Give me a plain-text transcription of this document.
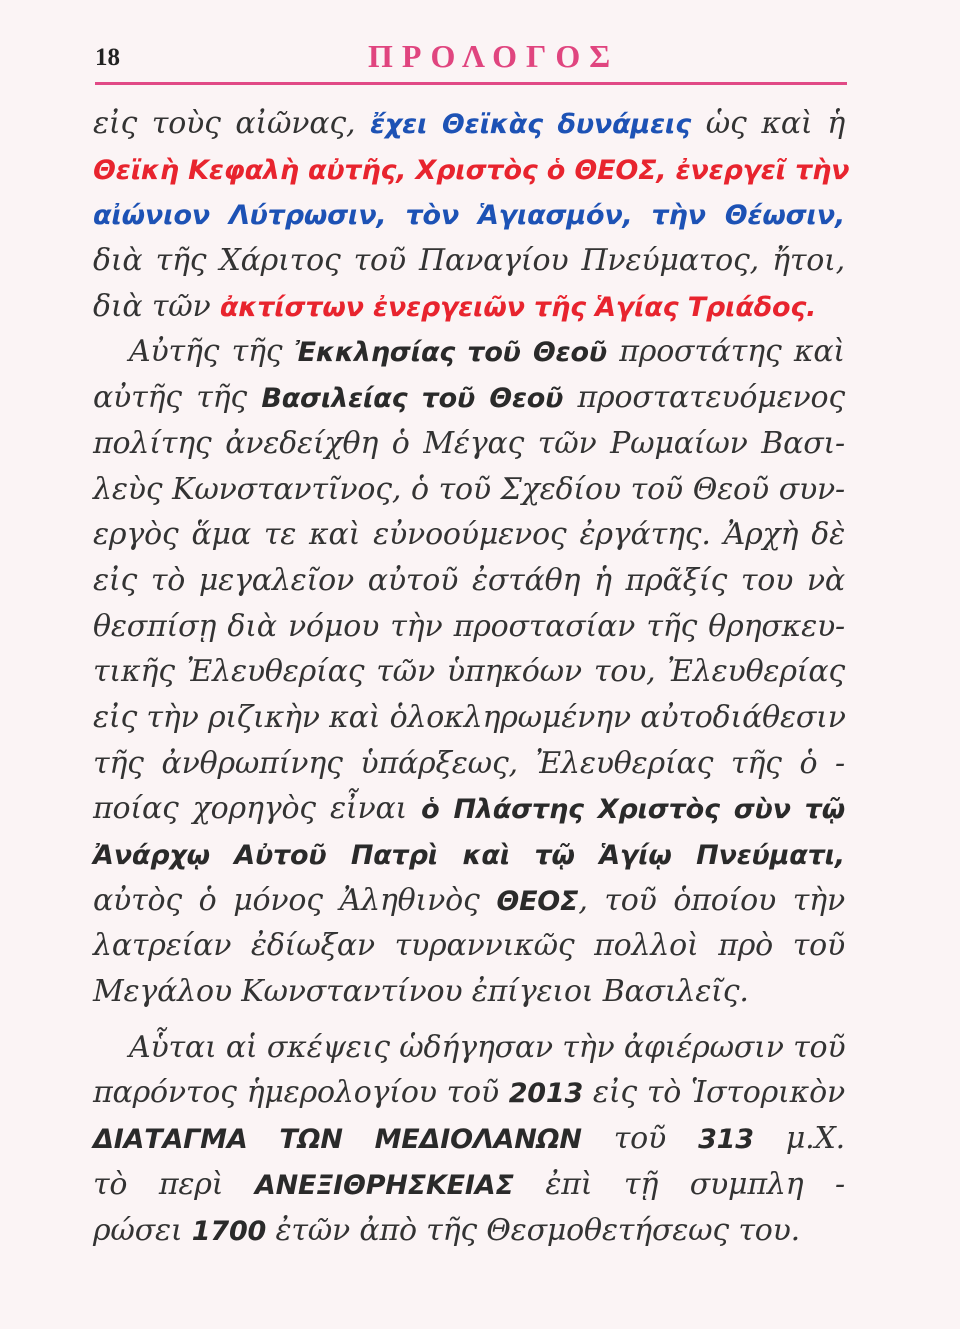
18	ΠΡΟΛΟΓΟΣ
εἰς τοὺς αἰῶνας, ἔχει Θεϊκὰς δυνάμεις ὡς καὶ ἡ
Θεϊκὴ Κεφαλὴ αὐτῆς, Χριστὸς ὁ ΘΕΟΣ, ἐνεργεῖ τὴν
αἰώνιον Λύτρωσιν, τὸν Ἁγιασμόν, τὴν Θέωσιν,
διὰ τῆς Χάριτος τοῦ Παναγίου Πνεύματος, ἤτοι,
διὰ τῶν ἀκτίστων ἐνεργειῶν τῆς Ἁγίας Τριάδος.
Αὐτῆς τῆς Ἐκκλησίας τοῦ Θεοῦ προστάτης καὶ
αὐτῆς τῆς Βασιλείας τοῦ Θεοῦ προστατευόμενος
πολίτης ἀνεδείχθη ὁ Μέγας τῶν Ρωμαίων Βασι-
λεὺς Κωνσταντῖνος, ὁ τοῦ Σχεδίου τοῦ Θεοῦ συν-
εργὸς ἅμα τε καὶ εὐνοούμενος ἐργάτης. Ἀρχὴ δὲ
εἰς τὸ μεγαλεῖον αὐτοῦ ἐστάθη ἡ πρᾶξίς του νὰ
θεσπίσῃ διὰ νόμου τὴν προστασίαν τῆς θρησκευ-
τικῆς Ἐλευθερίας τῶν ὑπηκόων του, Ἐλευθερίας
εἰς τὴν ριζικὴν καὶ ὁλοκληρωμένην αὐτοδιάθεσιν
τῆς ἀνθρωπίνης ὑπάρξεως, Ἐλευθερίας τῆς ὁ -
ποίας χορηγὸς εἶναι ὁ Πλάστης Χριστὸς σὺν τῷ
Ἀνάρχῳ Αὐτοῦ Πατρὶ καὶ τῷ Ἁγίῳ Πνεύματι,
αὐτὸς ὁ μόνος Ἀληθινὸς ΘΕΟΣ, τοῦ ὁποίου τὴν
λατρείαν ἐδίωξαν τυραννικῶς πολλοὶ πρὸ τοῦ
Μεγάλου Κωνσταντίνου ἐπίγειοι Βασιλεῖς.
Αὗται αἱ σκέψεις ὡδήγησαν τὴν ἀφιέρωσιν τοῦ
παρόντος ἡμερολογίου τοῦ 2013 εἰς τὸ Ἱστορικὸν
ΔΙΑΤΑΓΜΑ ΤΩΝ ΜΕΔΙΟΛΑΝΩΝ τοῦ 313 μ.Χ.
τὸ περὶ ΑΝΕΞΙΘΡΗΣΚΕΙΑΣ ἐπὶ τῇ συμπλη -
ρώσει 1700 ἐτῶν ἀπὸ τῆς Θεσμοθετήσεως του.
